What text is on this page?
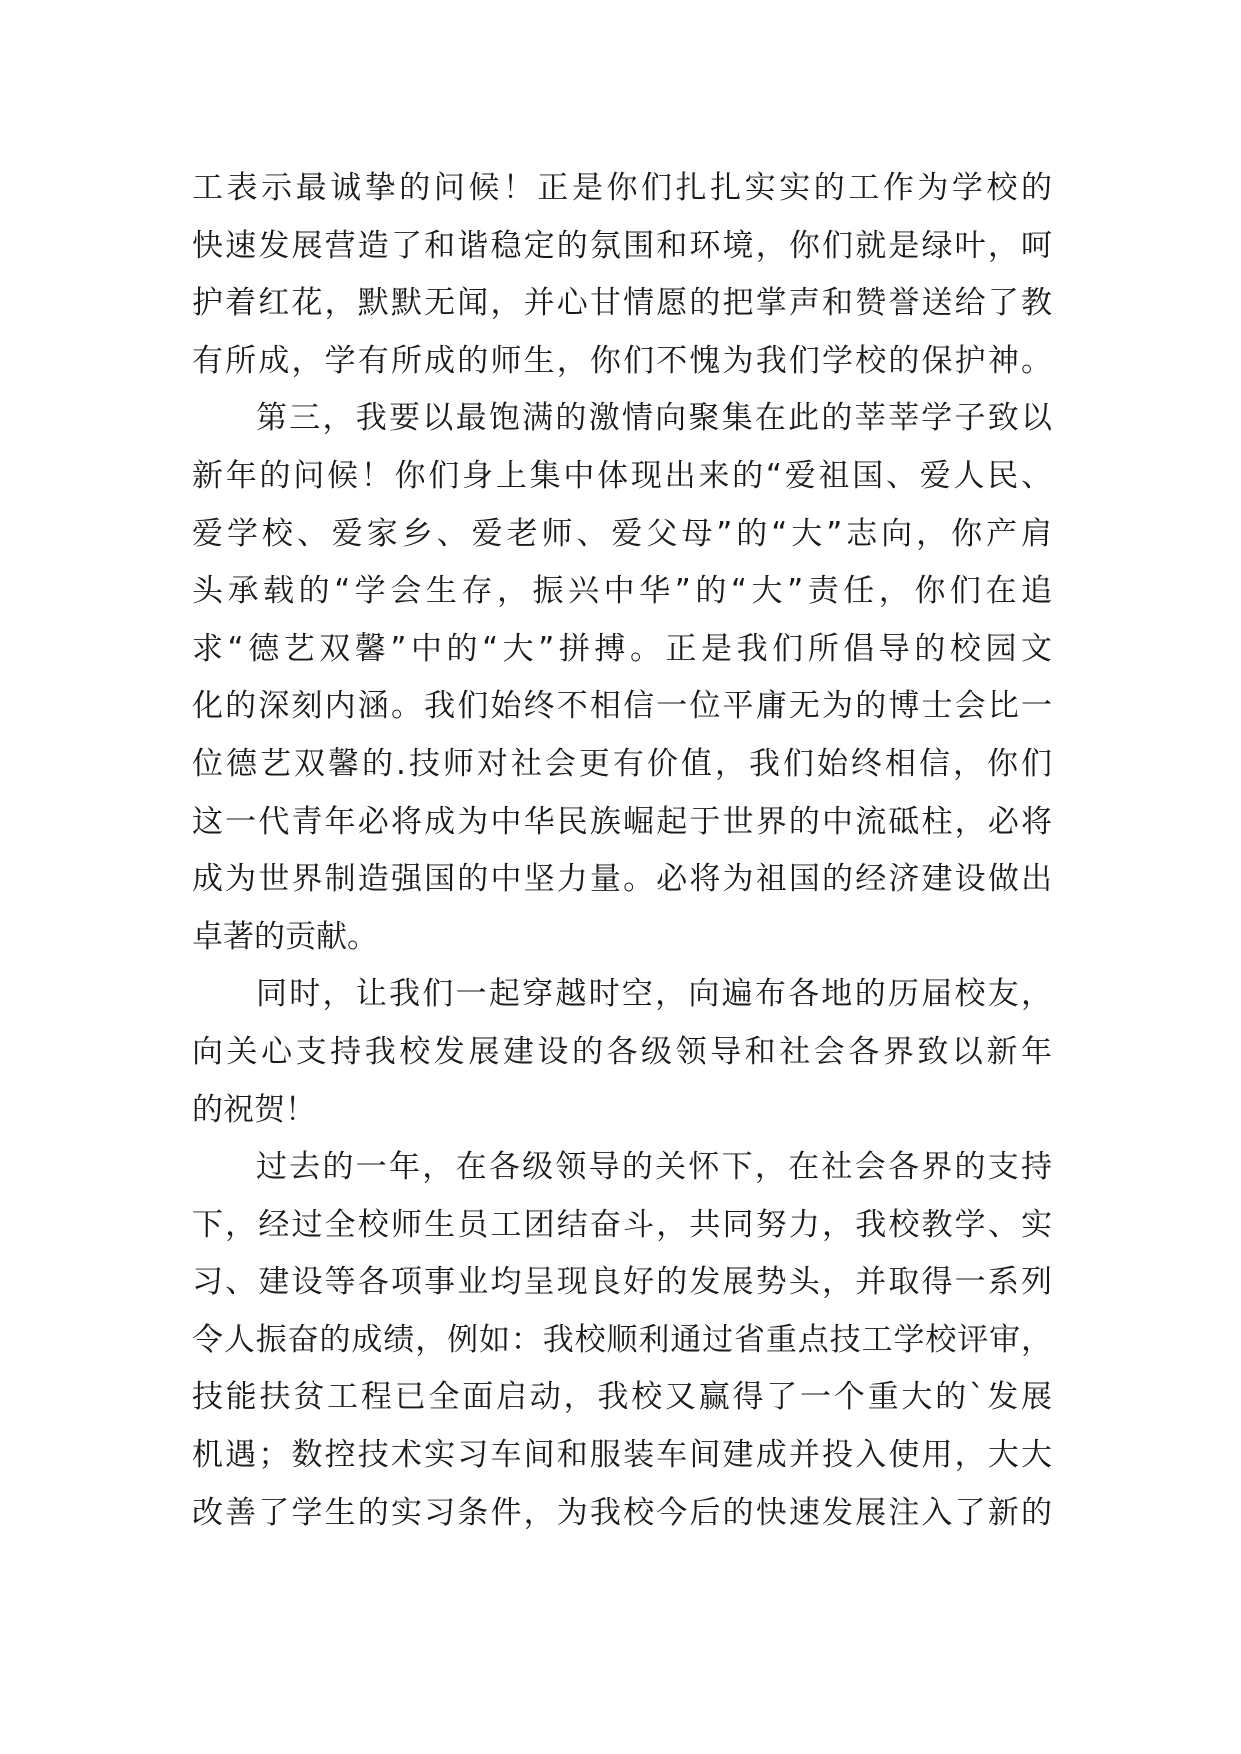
工表示最诚挚的问候！正是你们扎扎实实的工作为学校的
快速发展营造了和谐稳定的氛围和环境，你们就是绿叶，呵
护着红花，默默无闻，并心甘情愿的把掌声和赞誉送给了教
有所成，学有所成的师生，你们不愧为我们学校的保护神。
第三，我要以最饱满的激情向聚集在此的莘莘学子致以
新年的问候！你们身上集中体现出来的“爱祖国、爱人民、
爱学校、爱家乡、爱老师、爱父母”的“大”志向，你产肩
头承载的“学会生存，振兴中华”的“大”责任，你们在追
求“德艺双馨”中的“大”拼搏。正是我们所倡导的校园文
化的深刻内涵。我们始终不相信一位平庸无为的博士会比一
位德艺双馨的.技师对社会更有价值，我们始终相信，你们
这一代青年必将成为中华民族崛起于世界的中流砥柱，必将
成为世界制造强国的中坚力量。必将为祖国的经济建设做出
卓著的贡献。
同时，让我们一起穿越时空，向遍布各地的历届校友，
向关心支持我校发展建设的各级领导和社会各界致以新年
的祝贺！
过去的一年，在各级领导的关怀下，在社会各界的支持
下，经过全校师生员工团结奋斗，共同努力，我校教学、实
习、建设等各项事业均呈现良好的发展势头，并取得一系列
令人振奋的成绩，例如：我校顺利通过省重点技工学校评审，
技能扶贫工程已全面启动，我校又赢得了一个重大的`发展
机遇；数控技术实习车间和服装车间建成并投入使用，大大
改善了学生的实习条件，为我校今后的快速发展注入了新的
